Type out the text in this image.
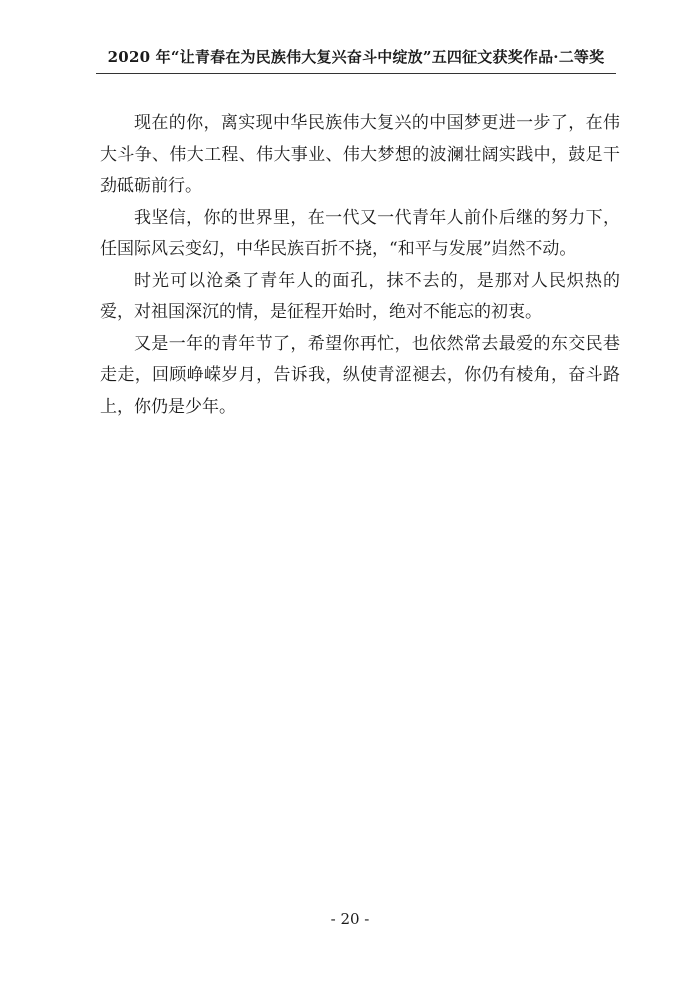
2020 年“让青春在为民族伟大复兴奋斗中绽放”五四征文获奖作品·二等奖

现在的你，离实现中华民族伟大复兴的中国梦更进一步了，在伟大斗争、伟大工程、伟大事业、伟大梦想的波澜壮阔实践中，鼓足干劲砥砺前行。

我坚信，你的世界里，在一代又一代青年人前仆后继的努力下，任国际风云变幻，中华民族百折不挠，“和平与发展”岿然不动。

时光可以沧桑了青年人的面孔，抹不去的，是那对人民炽热的爱，对祖国深沉的情，是征程开始时，绝对不能忘的初衷。

又是一年的青年节了，希望你再忙，也依然常去最爱的东交民巷走走，回顾峥嵘岁月，告诉我，纵使青涩褪去，你仍有棱角，奋斗路上，你仍是少年。

- 20 -
